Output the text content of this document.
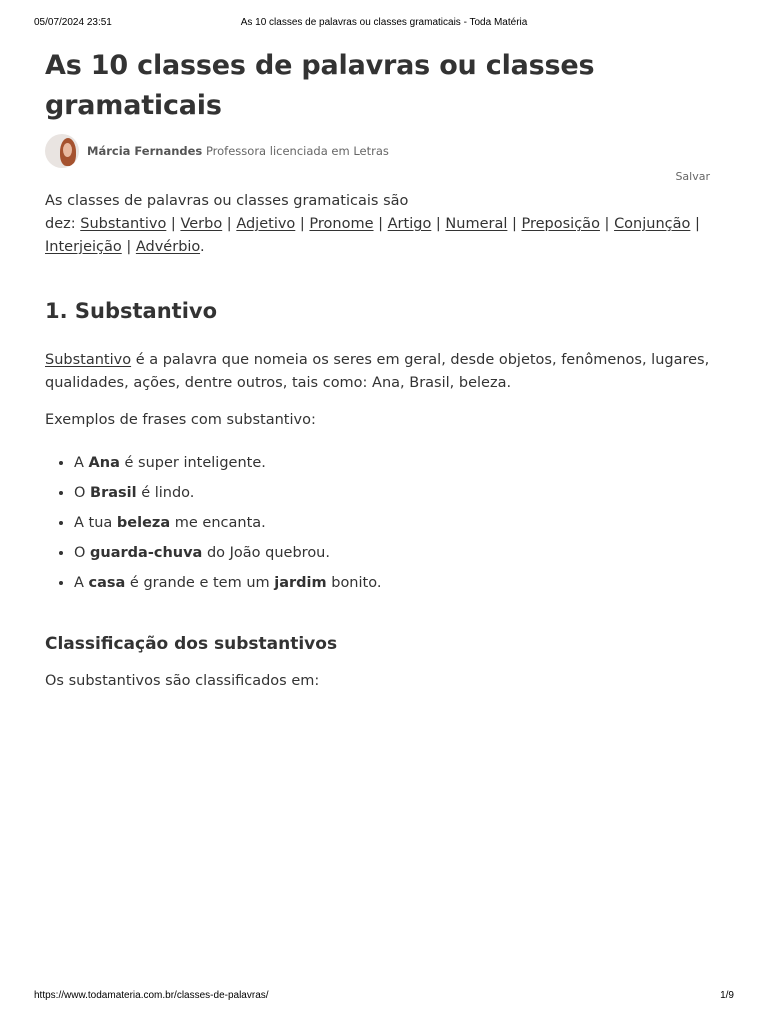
05/07/2024 23:51	As 10 classes de palavras ou classes gramaticais - Toda Matéria
As 10 classes de palavras ou classes gramaticais
Márcia Fernandes Professora licenciada em Letras
Salvar

As classes de palavras ou classes gramaticais são
dez: Substantivo | Verbo | Adjetivo | Pronome | Artigo | Numeral | Preposição | Conjunção | Interjeição | Advérbio.

1. Substantivo

Substantivo é a palavra que nomeia os seres em geral, desde objetos, fenômenos, lugares, qualidades, ações, dentre outros, tais como: Ana, Brasil, beleza.

Exemplos de frases com substantivo:

• A Ana é super inteligente.
• O Brasil é lindo.
• A tua beleza me encanta.
• O guarda-chuva do João quebrou.
• A casa é grande e tem um jardim bonito.
Classificação dos substantivos

Os substantivos são classificados em:

https://www.todamateria.com.br/classes-de-palavras/	1/9
